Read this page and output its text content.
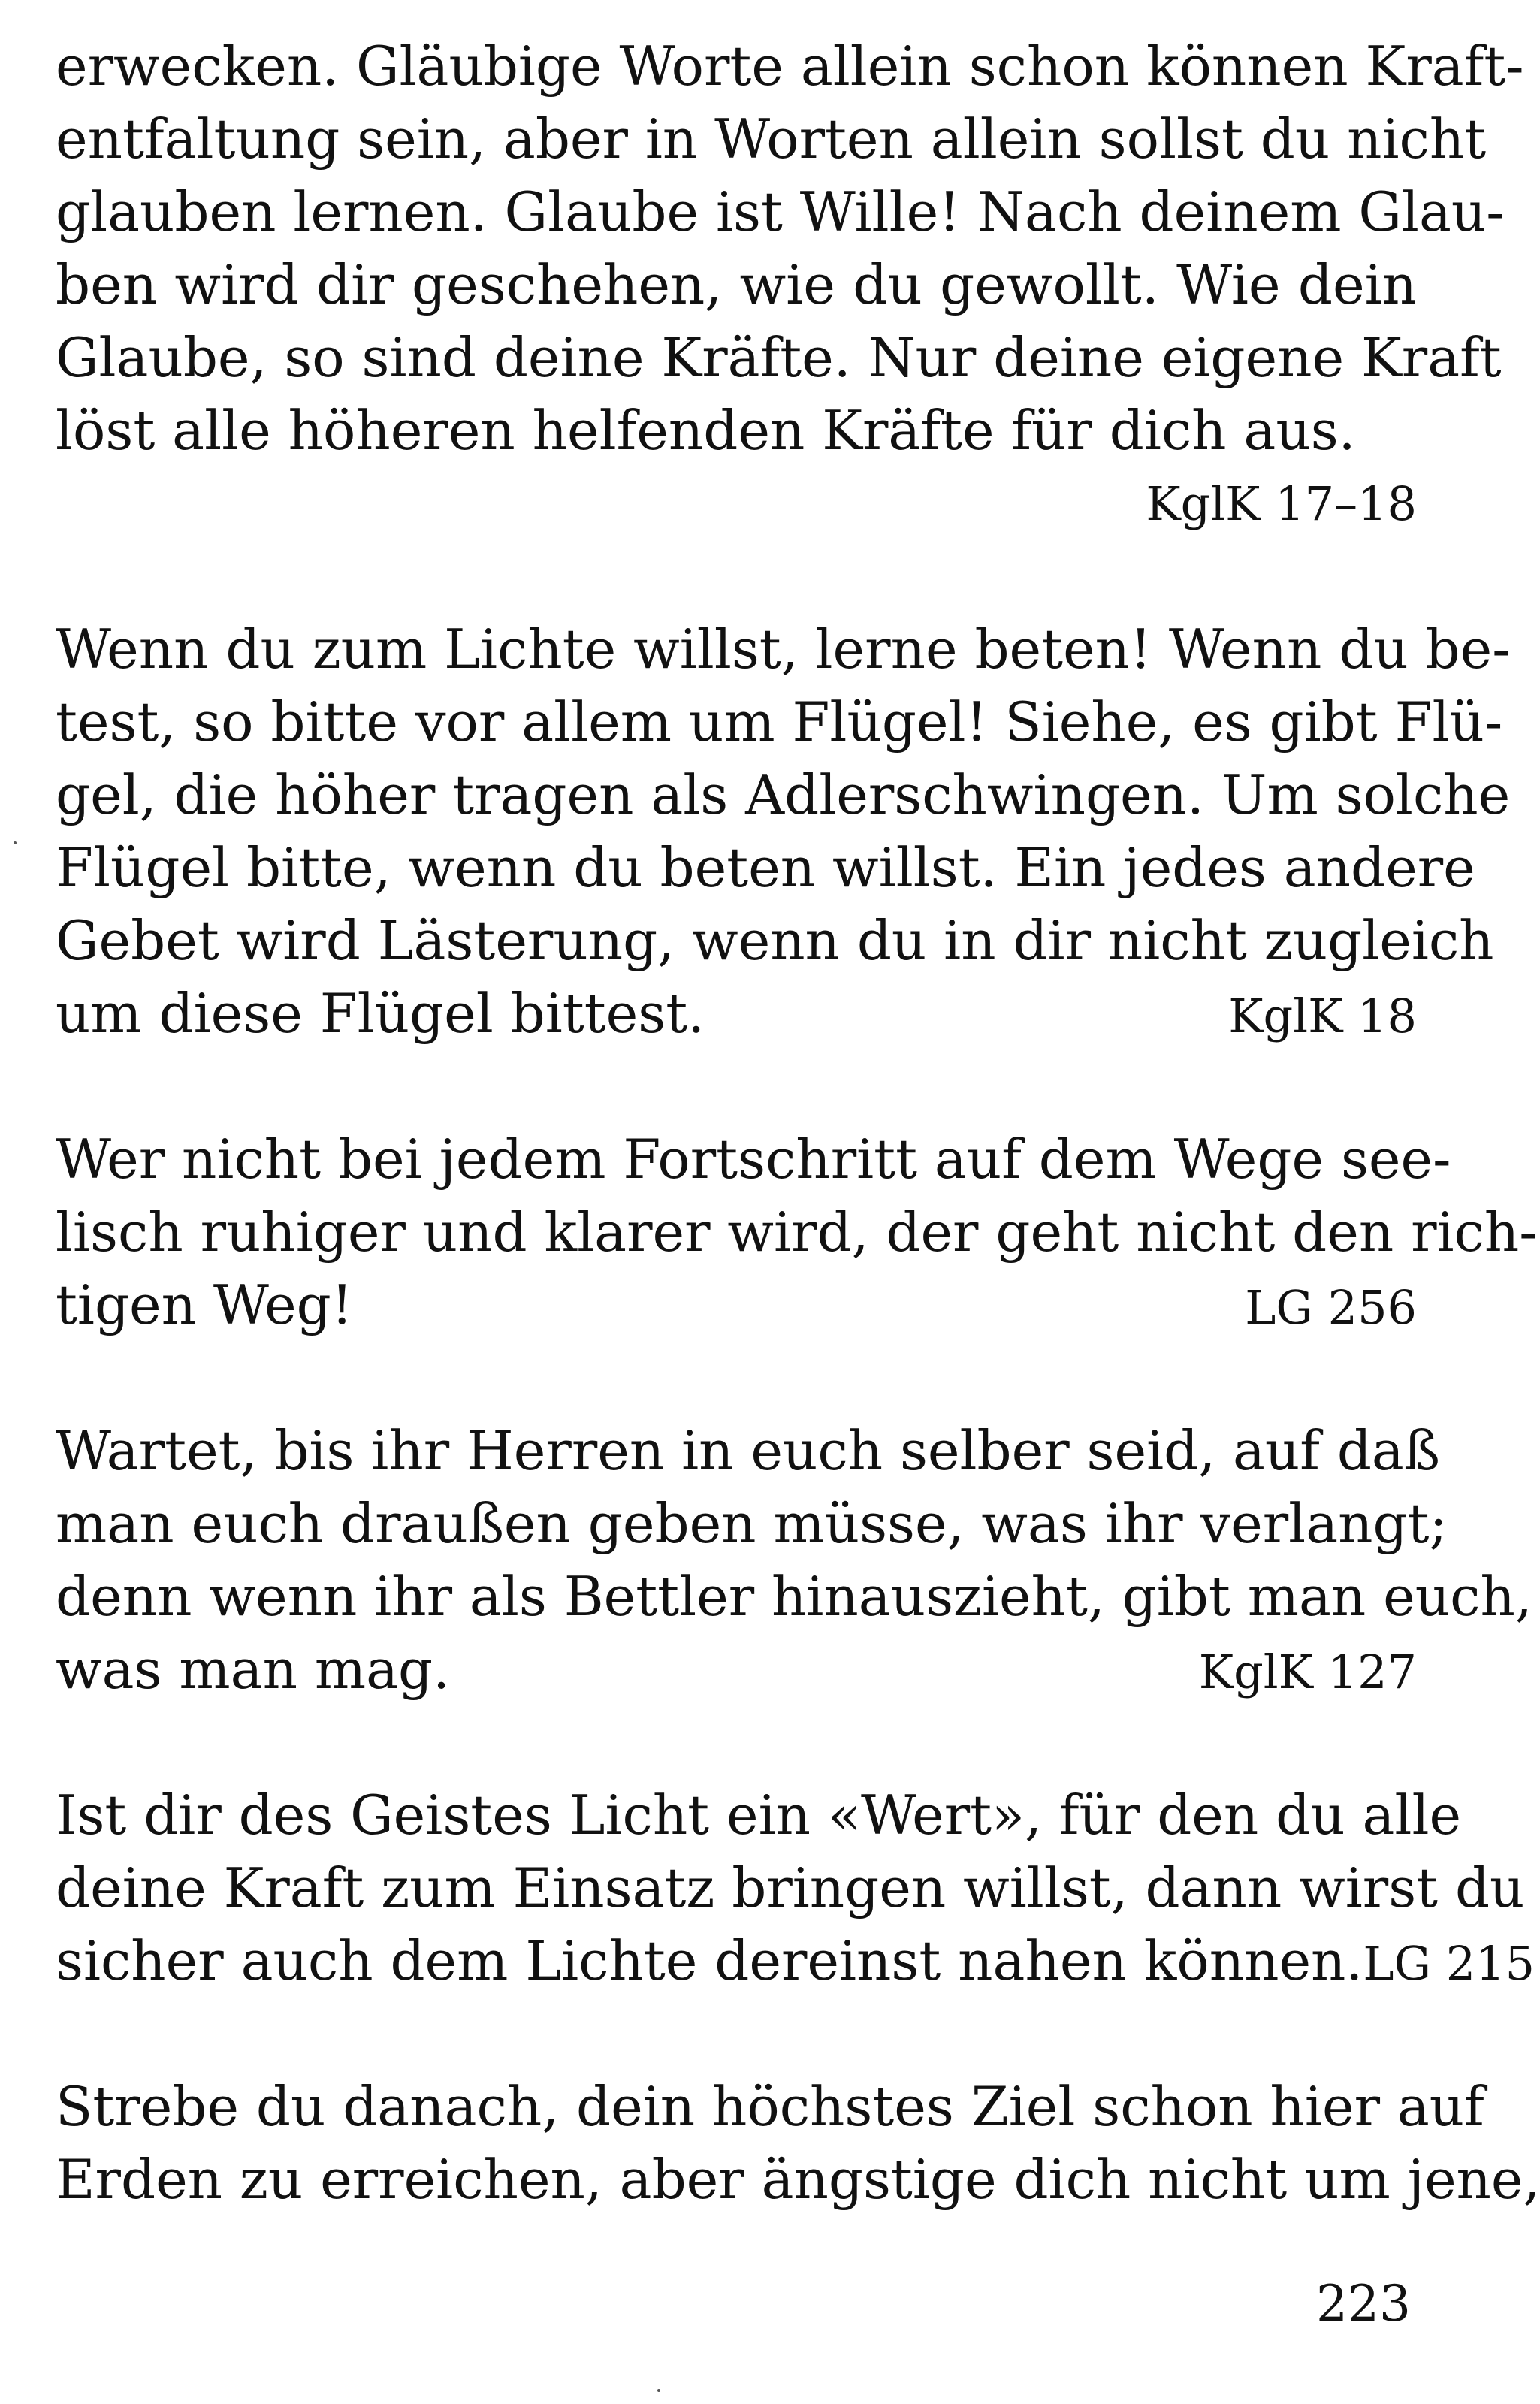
erwecken. Gläubige Worte allein schon können Kraft-
entfaltung sein, aber in Worten allein sollst du nicht
glauben lernen. Glaube ist Wille! Nach deinem Glau-
ben wird dir geschehen, wie du gewollt. Wie dein
Glaube, so sind deine Kräfte. Nur deine eigene Kraft
löst alle höheren helfenden Kräfte für dich aus.
KglK 17–18
Wenn du zum Lichte willst, lerne beten! Wenn du be-
test, so bitte vor allem um Flügel! Siehe, es gibt Flü-
gel, die höher tragen als Adlerschwingen. Um solche
Flügel bitte, wenn du beten willst. Ein jedes andere
Gebet wird Lästerung, wenn du in dir nicht zugleich
um diese Flügel bittest.	KglK 18
Wer nicht bei jedem Fortschritt auf dem Wege see-
lisch ruhiger und klarer wird, der geht nicht den rich-
tigen Weg!	LG 256
Wartet, bis ihr Herren in euch selber seid, auf daß
man euch draußen geben müsse, was ihr verlangt;
denn wenn ihr als Bettler hinauszieht, gibt man euch,
was man mag.	KglK 127
Ist dir des Geistes Licht ein «Wert», für den du alle
deine Kraft zum Einsatz bringen willst, dann wirst du
sicher auch dem Lichte dereinst nahen können. LG 215
Strebe du danach, dein höchstes Ziel schon hier auf
Erden zu erreichen, aber ängstige dich nicht um jene,
223
